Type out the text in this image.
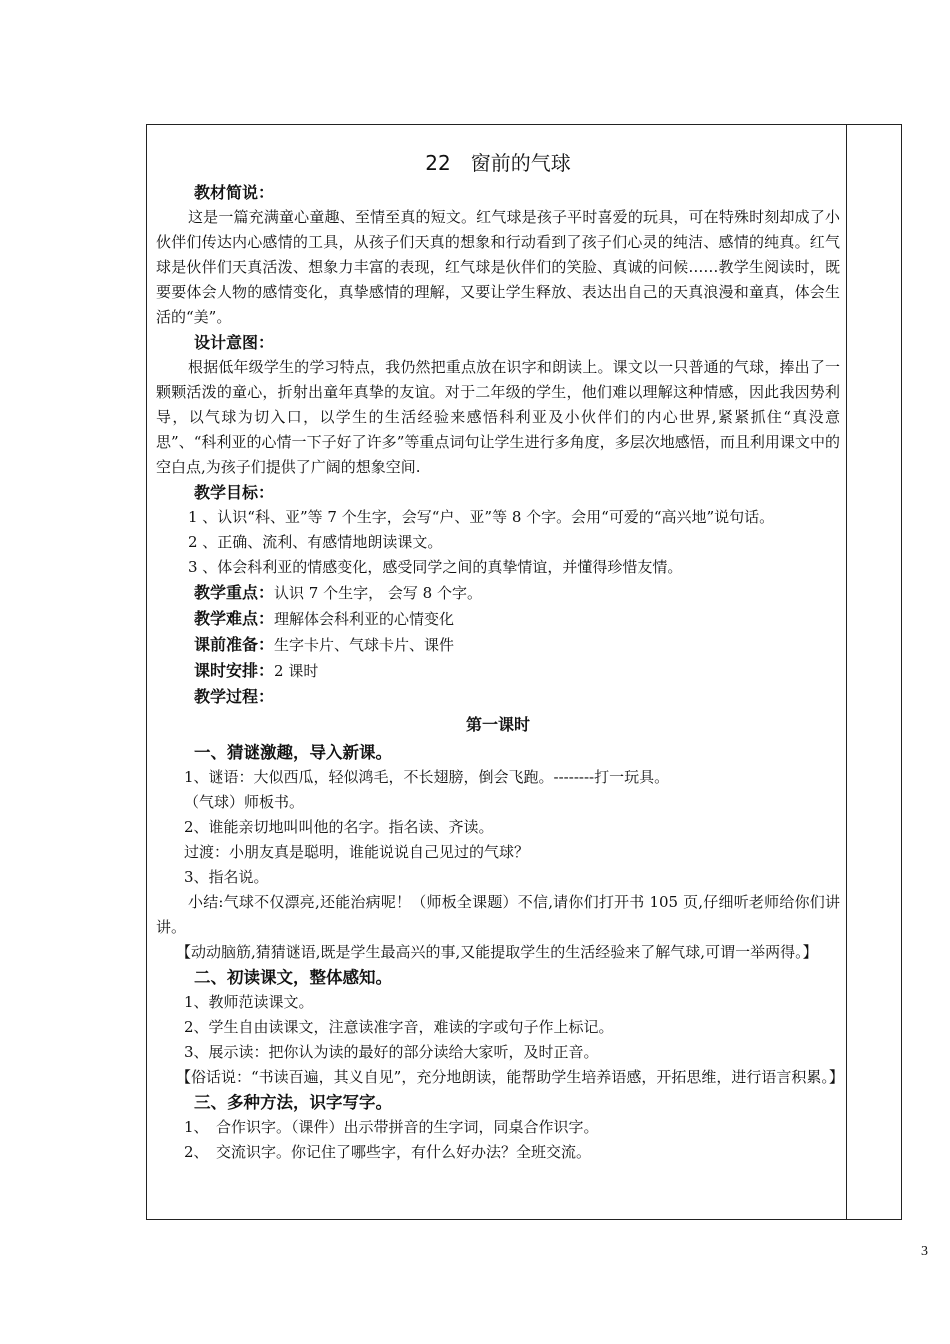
22　窗前的气球
教材简说：
这是一篇充满童心童趣、至情至真的短文。红气球是孩子平时喜爱的玩具，可在特殊时刻却成了小伙伴们传达内心感情的工具，从孩子们天真的想象和行动看到了孩子们心灵的纯洁、感情的纯真。红气球是伙伴们天真活泼、想象力丰富的表现，红气球是伙伴们的笑脸、真诚的问候……教学生阅读时，既要要体会人物的感情变化，真挚感情的理解，又要让学生释放、表达出自己的天真浪漫和童真，体会生活的“美”。
设计意图：
根据低年级学生的学习特点，我仍然把重点放在识字和朗读上。课文以一只普通的气球，捧出了一颗颗活泼的童心，折射出童年真挚的友谊。对于二年级的学生，他们难以理解这种情感，因此我因势利导，以气球为切入口，以学生的生活经验来感悟科利亚及小伙伴们的内心世界,紧紧抓住“真没意思”、“科利亚的心情一下子好了许多”等重点词句让学生进行多角度，多层次地感悟，而且利用课文中的空白点,为孩子们提供了广阔的想象空间.
教学目标：
1 、认识“科、亚”等 7 个生字，会写“户、亚”等 8 个字。会用“可爱的“高兴地”说句话。
2 、正确、流利、有感情地朗读课文。
3 、体会科利亚的情感变化，感受同学之间的真挚情谊，并懂得珍惜友情。
教学重点：认识 7 个生字， 会写 8 个字。
教学难点：理解体会科利亚的心情变化
课前准备：生字卡片、气球卡片、课件
课时安排：2 课时
教学过程：
第一课时
一、猜谜激趣，导入新课。
1、谜语：大似西瓜，轻似鸿毛，不长翅膀，倒会飞跑。--------打一玩具。
（气球）师板书。
2、谁能亲切地叫叫他的名字。指名读、齐读。
过渡：小朋友真是聪明，谁能说说自己见过的气球？
3、指名说。
小结:气球不仅漂亮,还能治病呢！（师板全课题）不信,请你们打开书 105 页,仔细听老师给你们讲讲。
【动动脑筋,猜猜谜语,既是学生最高兴的事,又能提取学生的生活经验来了解气球,可谓一举两得。】
二、初读课文，整体感知。
1、教师范读课文。
2、学生自由读课文，注意读准字音，难读的字或句子作上标记。
3、展示读：把你认为读的最好的部分读给大家听，及时正音。
【俗话说：“书读百遍，其义自见”，充分地朗读，能帮助学生培养语感，开拓思维，进行语言积累。】
三、多种方法，识字写字。
1、　合作识字。（课件）出示带拼音的生字词，同桌合作识字。
2、　交流识字。你记住了哪些字，有什么好办法？全班交流。
3
